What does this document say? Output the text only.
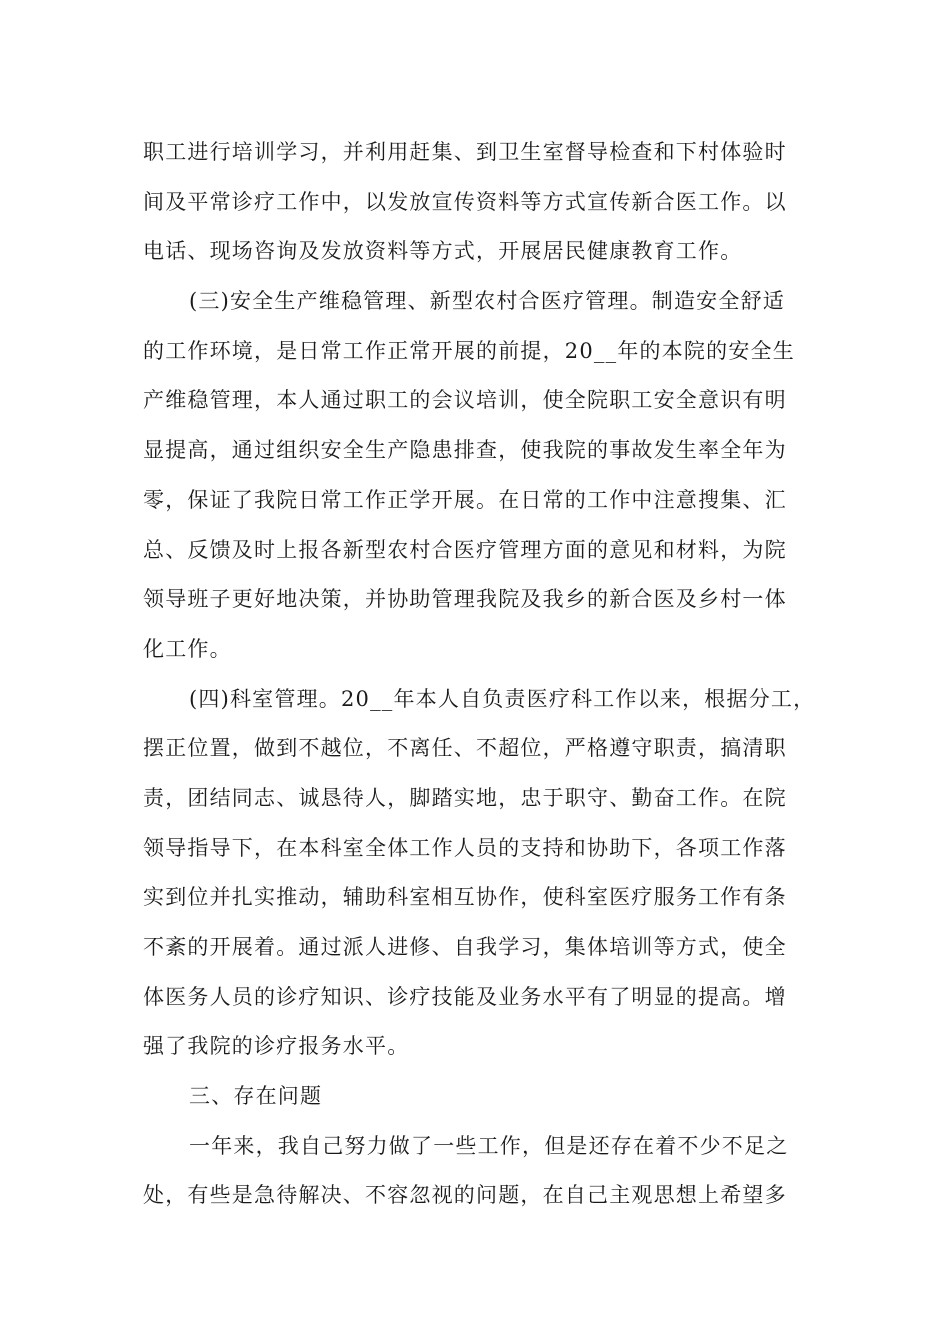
职工进行培训学习，并利用赶集、到卫生室督导检查和下村体验时
间及平常诊疗工作中，以发放宣传资料等方式宣传新合医工作。以
电话、现场咨询及发放资料等方式，开展居民健康教育工作。
(三)安全生产维稳管理、新型农村合医疗管理。制造安全舒适
的工作环境，是日常工作正常开展的前提，20__年的本院的安全生
产维稳管理，本人通过职工的会议培训，使全院职工安全意识有明
显提高，通过组织安全生产隐患排查，使我院的事故发生率全年为
零，保证了我院日常工作正学开展。在日常的工作中注意搜集、汇
总、反馈及时上报各新型农村合医疗管理方面的意见和材料，为院
领导班子更好地决策，并协助管理我院及我乡的新合医及乡村一体
化工作。
(四)科室管理。20__年本人自负责医疗科工作以来，根据分工，
摆正位置，做到不越位，不离任、不超位，严格遵守职责，搞清职
责，团结同志、诚恳待人，脚踏实地，忠于职守、勤奋工作。在院
领导指导下，在本科室全体工作人员的支持和协助下，各项工作落
实到位并扎实推动，辅助科室相互协作，使科室医疗服务工作有条
不紊的开展着。通过派人进修、自我学习，集体培训等方式，使全
体医务人员的诊疗知识、诊疗技能及业务水平有了明显的提高。增
强了我院的诊疗报务水平。
三、存在问题
一年来，我自己努力做了一些工作，但是还存在着不少不足之
处，有些是急待解决、不容忽视的问题，在自己主观思想上希望多
